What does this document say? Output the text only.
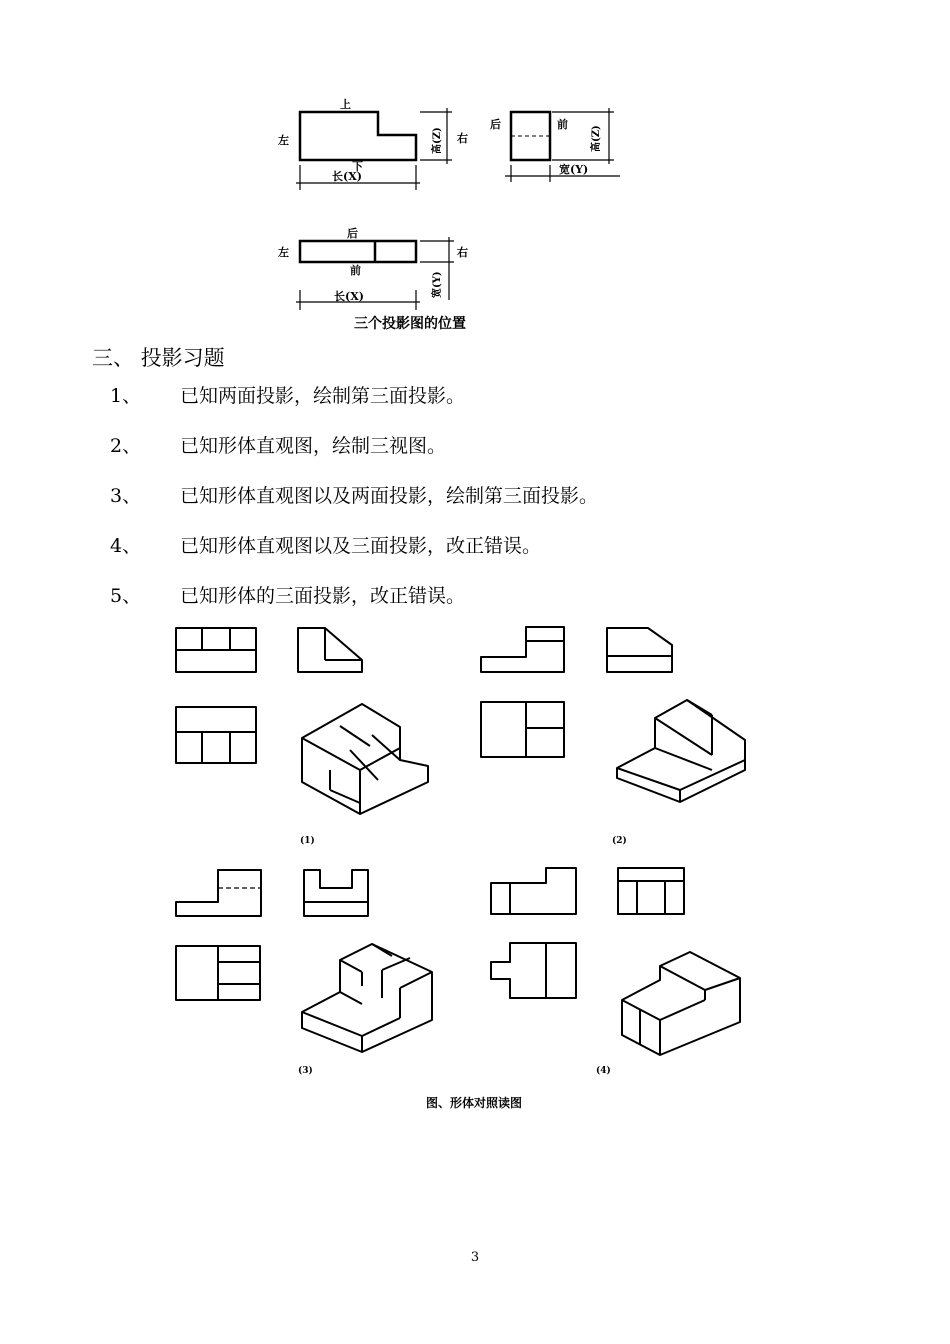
上
下
左	右
长(X)
高(Z)
后	前
宽(Y)
高(Z)
后
前
左	右
长(X)	宽(Y)
三个投影图的位置
三、 投影习题
1、 已知两面投影，绘制第三面投影。
2、 已知形体直观图，绘制三视图。
3、 已知形体直观图以及两面投影，绘制第三面投影。
4、 已知形体直观图以及三面投影，改正错误。
5、 已知形体的三面投影，改正错误。
(1)	(2)
(3)	(4)
图、形体对照读图
3
